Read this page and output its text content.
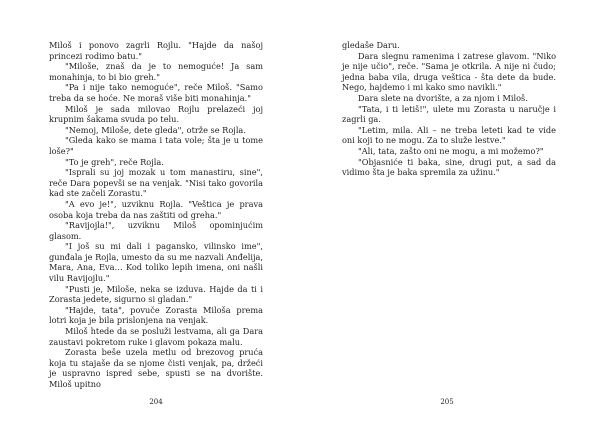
Miloš i ponovo zagrli Rojlu. "Hajde da našoj princezi rodimo batu."

"Miloše, znaš da je to nemoguće! Ja sam monahinja, to bi bio greh."

"Pa i nije tako nemoguće", reče Miloš. "Samo treba da se hoće. Ne moraš više biti monahinja."

Miloš je sada milovao Rojlu prelazeći joj krupnim šakama svuda po telu.

"Nemoj, Miloše, dete gleda", otrže se Rojla.

"Gleda kako se mama i tata vole; šta je u tome loše?"

"To je greh", reče Rojla.

"Isprali su joj mozak u tom manastiru, sine", reče Dara popevši se na venjak. "Nisi tako govorila kad ste začeli Zorastu."

"A evo je!", uzviknu Rojla. "Veštica je prava osoba koja treba da nas zaštiti od greha."

"Ravijojla!", uzviknu Miloš opominjućim glasom.

"I još su mi dali i pagansko, vilinsko ime", gunđala je Rojla, umesto da su me nazvali Anđelija, Mara, Ana, Eva… Kod toliko lepih imena, oni našli vilu Ravijojlu."

"Pusti je, Miloše, neka se izduva. Hajde da ti i Zorasta jedete, sigurno si gladan."

"Hajde, tata", povuče Zorasta Miloša prema lotri koja je bila prislonjena na venjak.

Miloš htede da se posluži lestvama, ali ga Dara zaustavi pokretom ruke i glavom pokaza malu.

Zorasta beše uzela metlu od brezovog pruća koja tu stajaše da se njome čisti venjak, pa, držeći je uspravno ispred sebe, spusti se na dvorište. Miloš upitno

204

gledaše Daru.

Dara slegnu ramenima i zatrese glavom. "Niko je nije učio", reče. "Sama je otkrila. A nije ni čudo; jedna baba vila, druga veštica - šta dete da bude. Nego, hajdemo i mi kako smo navikli."

Dara slete na dvorište, a za njom i Miloš.

"Tata, i ti letiš!", ulete mu Zorasta u naručje i zagrli ga.

"Letim, mila. Ali – ne treba leteti kad te vide oni koji to ne mogu. Za to služe lestve."

"Ali, tata, zašto oni ne mogu, a mi možemo?"

"Objasniće ti baka, sine, drugi put, a sad da vidimo šta je baka spremila za užinu."

205
